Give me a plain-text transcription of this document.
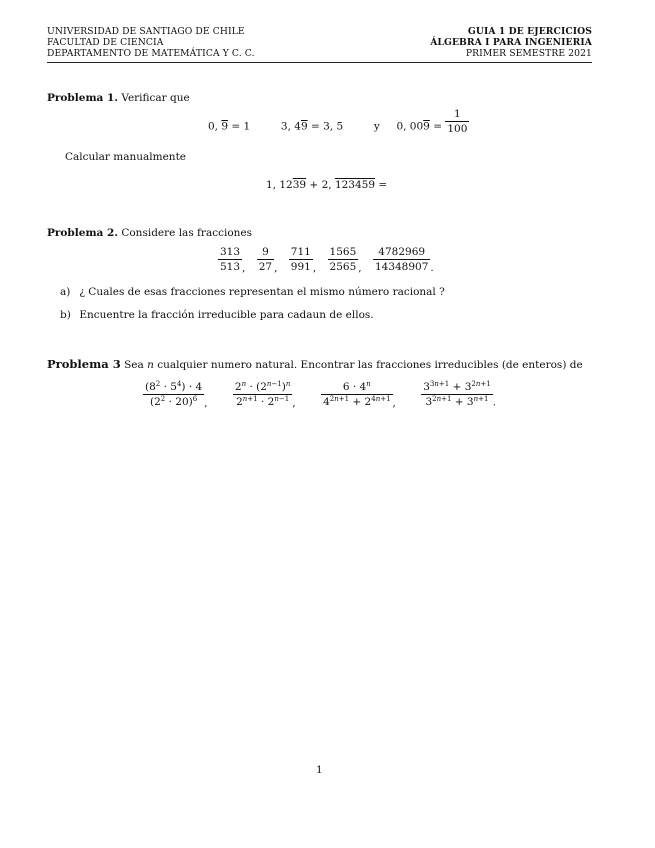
UNIVERSIDAD DE SANTIAGO DE CHILE
FACULTAD DE CIENCIA
DEPARTAMENTO DE MATEMÁTICA Y C. C.
GUIA 1 DE EJERCICIOS
ÁLGEBRA I PARA INGENIERIA
PRIMER SEMESTRE 2021
Problema 1. Verificar que
0, 9 = 1	3, 49 = 3, 5	y 0, $009 = \frac{1}{100}$
Calcular manualmente
1, 1239 + 2, 123459 =
Problema 2. Considere las fracciones
$\frac{313}{513}$ , $\frac{9}{27}$ , $\frac{711}{991}$ , $\frac{1565}{2565}$ , $\frac{4782969}{14348907}$ .
a) ¿ Cuales de esas fracciones representan el mismo número racional ?
b) Encuentre la fracción irreducible para cadaun de ellos.
Problema 3 Sea n cualquier numero natural. Encontrar las fracciones irreducibles (de enteros) de
$\frac{(8^2 \cdot 5^4) \cdot 4}{(2^2 \cdot 20)^6}$ , $\frac{2^n \cdot (2^{n-1})^n}{2^{n+1} \cdot 2^{n-1}}$ , $\frac{6 \cdot 4^n}{4^{2n+1} + 2^{4n+1}}$ , $\frac{3^{3n+1} + 3^{2n+1}}{3^{2n+1} + 3^{n+1}}$ .
1
